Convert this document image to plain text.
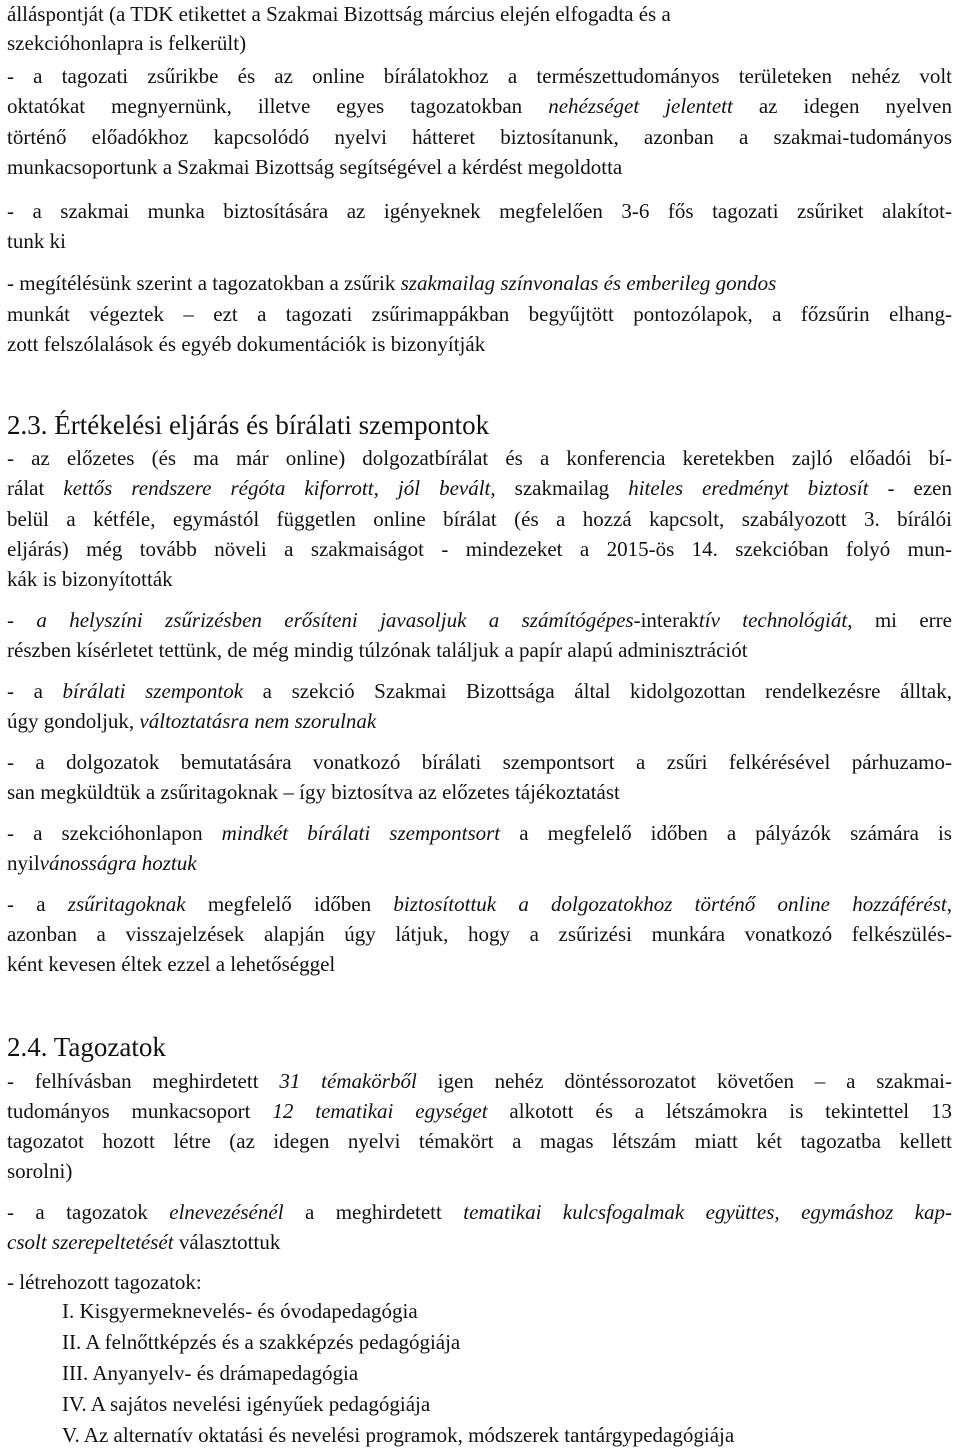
álláspontját (a TDK etikettet a Szakmai Bizottság március elején elfogadta és a
szekcióhonlapra is felkerült)
- a tagozati zsűrikbe és az online bírálatokhoz a természettudományos területeken nehéz volt
oktatókat megnyernünk, illetve egyes tagozatokban nehézséget jelentett az idegen nyelven
történő előadókhoz kapcsolódó nyelvi hátteret biztosítanunk, azonban a szakmai-tudományos
munkacsoportunk a Szakmai Bizottság segítségével a kérdést megoldotta
- a szakmai munka biztosítására az igényeknek megfelelően 3-6 fős tagozati zsűriket alakítot-
tunk ki
- megítélésünk szerint a tagozatokban a zsűrik szakmailag színvonalas és emberileg gondos
munkát végeztek – ezt a tagozati zsűrimappákban begyűjtött pontozólapok, a főzsűrin elhang-
zott felszólalások és egyéb dokumentációk is bizonyítják
2.3. Értékelési eljárás és bírálati szempontok
- az előzetes (és ma már online) dolgozatbírálat és a konferencia keretekben zajló előadói bí-
rálat kettős rendszere régóta kiforrott, jól bevált, szakmailag hiteles eredményt biztosít - ezen
belül a kétféle, egymástól független online bírálat (és a hozzá kapcsolt, szabályozott 3. bírálói
eljárás) még tovább növeli a szakmaiságot - mindezeket a 2015-ös 14. szekcióban folyó mun-
kák is bizonyították
- a helyszíni zsűrizésben erősíteni javasoljuk a számítógépes-interaktív technológiát, mi erre
részben kísérletet tettünk, de még mindig túlzónak találjuk a papír alapú adminisztrációt
- a bírálati szempontok a szekció Szakmai Bizottsága által kidolgozottan rendelkezésre álltak,
úgy gondoljuk, változtatásra nem szorulnak
- a dolgozatok bemutatására vonatkozó bírálati szempontsort a zsűri felkérésével párhuzamo-
san megküldtük a zsűritagoknak – így biztosítva az előzetes tájékoztatást
- a szekcióhonlapon mindkét bírálati szempontsort a megfelelő időben a pályázók számára is
nyilvánosságra hoztuk
- a zsűritagoknak megfelelő időben biztosítottuk a dolgozatokhoz történő online hozzáférést,
azonban a visszajelzések alapján úgy látjuk, hogy a zsűrizési munkára vonatkozó felkészülés-
ként kevesen éltek ezzel a lehetőséggel
2.4. Tagozatok
- felhívásban meghirdetett 31 témakörből igen nehéz döntéssorozatot követően – a szakmai-
tudományos munkacsoport 12 tematikai egységet alkotott és a létszámokra is tekintettel 13
tagozatot hozott létre (az idegen nyelvi témakört a magas létszám miatt két tagozatba kellett
sorolni)
- a tagozatok elnevezésénél a meghirdetett tematikai kulcsfogalmak együttes, egymáshoz kap-
csolt szerepeltetését választottuk
- létrehozott tagozatok:
I. Kisgyermeknevelés- és óvodapedagógia
II. A felnőttképzés és a szakképzés pedagógiája
III. Anyanyelv- és drámapedagógia
IV. A sajátos nevelési igényűek pedagógiája
V. Az alternatív oktatási és nevelési programok, módszerek tantárgypedagógiája
